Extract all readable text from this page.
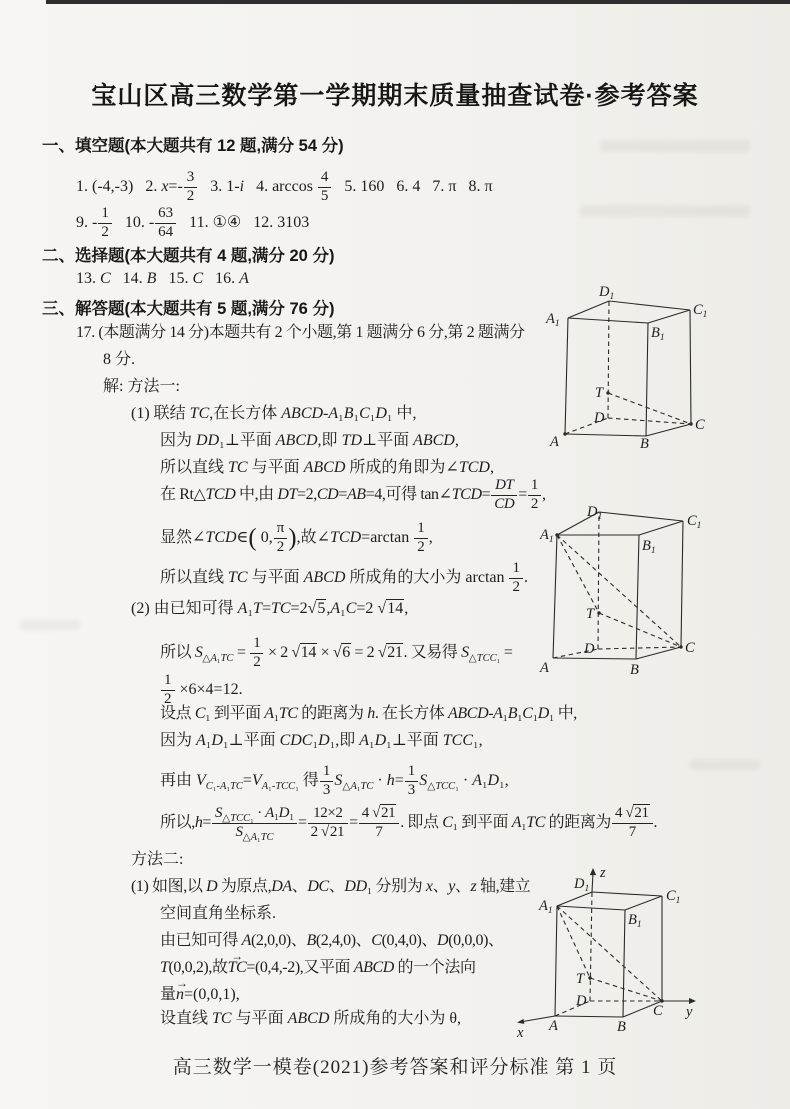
宝山区高三数学第一学期期末质量抽查试卷·参考答案
一、填空题(本大题共有 12 题,满分 54 分)
1. (-4,-3)   2. $x=- \frac{3}{2} 3$. 1-i   4. $\arccos \frac{4}{5} 5$. 160   6. 4   7. π   8. π
9. - $\frac{1}{2} 10$. - $\frac{63}{64} 11$. ①④   12. 3103
二、选择题(本大题共有 4 题,满分 20 分)
13. C   14. B   15. C   16. A
三、解答题(本大题共有 5 题,满分 76 分)
17. (本题满分 14 分)本题共有 2 个小题,第 1 题满分 6 分,第 2 题满分
8 分.
解: 方法一:
(1) 联结 TC,在长方体 ABCD-A₁B₁C₁D₁ 中,
因为 DD₁⊥平面 ABCD,即 TD⊥平面 ABCD,
所以直线 TC 与平面 ABCD 所成的角即为∠TCD,
在 Rt△TCD 中,由 DT=2,CD=AB=4,可得 tan∠TCD= $\frac{DT}{CD} = \frac{1}{2}$ ,
显然∠TCD∈( 0, $\frac{\pi}{2}$ ),故∠TCD=arctan $\frac{1}{2}$ ,
所以直线 TC 与平面 ABCD 所成角的大小为 $\arctan \frac{1}{2}$ .
(2) 由已知可得 A₁T=TC=2√5,A₁C=2 √14,
所以 $S_{\triangle A_1TC} = \frac{1}{2} \times 2$ √14 × √6 = 2 √21. 又易得 $S_{\triangle TCC_1}$ =
$\frac{1}{2} \times 6\times 4=12$.
设点 C₁ 到平面 A₁TC 的距离为 h. 在长方体 ABCD-A₁B₁C₁D₁ 中,
因为 A₁D₁⊥平面 CDC₁D₁,即 A₁D₁⊥平面 TCC₁,
再由 $V_{C_1-A_1TC}=V_{A_1-TCC_1}$ 得 $\frac{1}{3} S_{\triangle A_1TC} \cdot h= \frac{1}{3} S_{\triangle TCC_1} \cdot A_1D_1$,
所以$,h= \frac{S_{\triangle TCC_1} \cdot A_1D_1}{S_{\triangle A_1TC}} = \frac{12\times 2}{2 √21} = \frac{4 √21}{7}$ . 即点 C₁ 到平面 A₁TC 的距离为 $\frac{4 √21}{7}$ .
方法二:
(1) 如图,以 D 为原点,DA、DC、DD₁ 分别为 x、y、z 轴,建立
空间直角坐标系.
由已知可得 A(2,0,0)、B(2,4,0)、C(0,4,0)、D(0,0,0)、
T(0,0,2),故TC →=(0,4,-2),又平面 ABCD 的一个法向
量n →=(0,0,1),
设直线 TC 与平面 ABCD 所成角的大小为 θ,
$A_1$
$D_1$
$C_1$
$B_1$
T
D
A	B
C
$D_1$
$A_1$
$C_1$
$B_1$
T
D
A	B
C
z
$D_1$
$A_1$
$C_1$
$B_1$
T
D
A	B
C y
x
高三数学一模卷(2021)参考答案和评分标准 第 1 页
